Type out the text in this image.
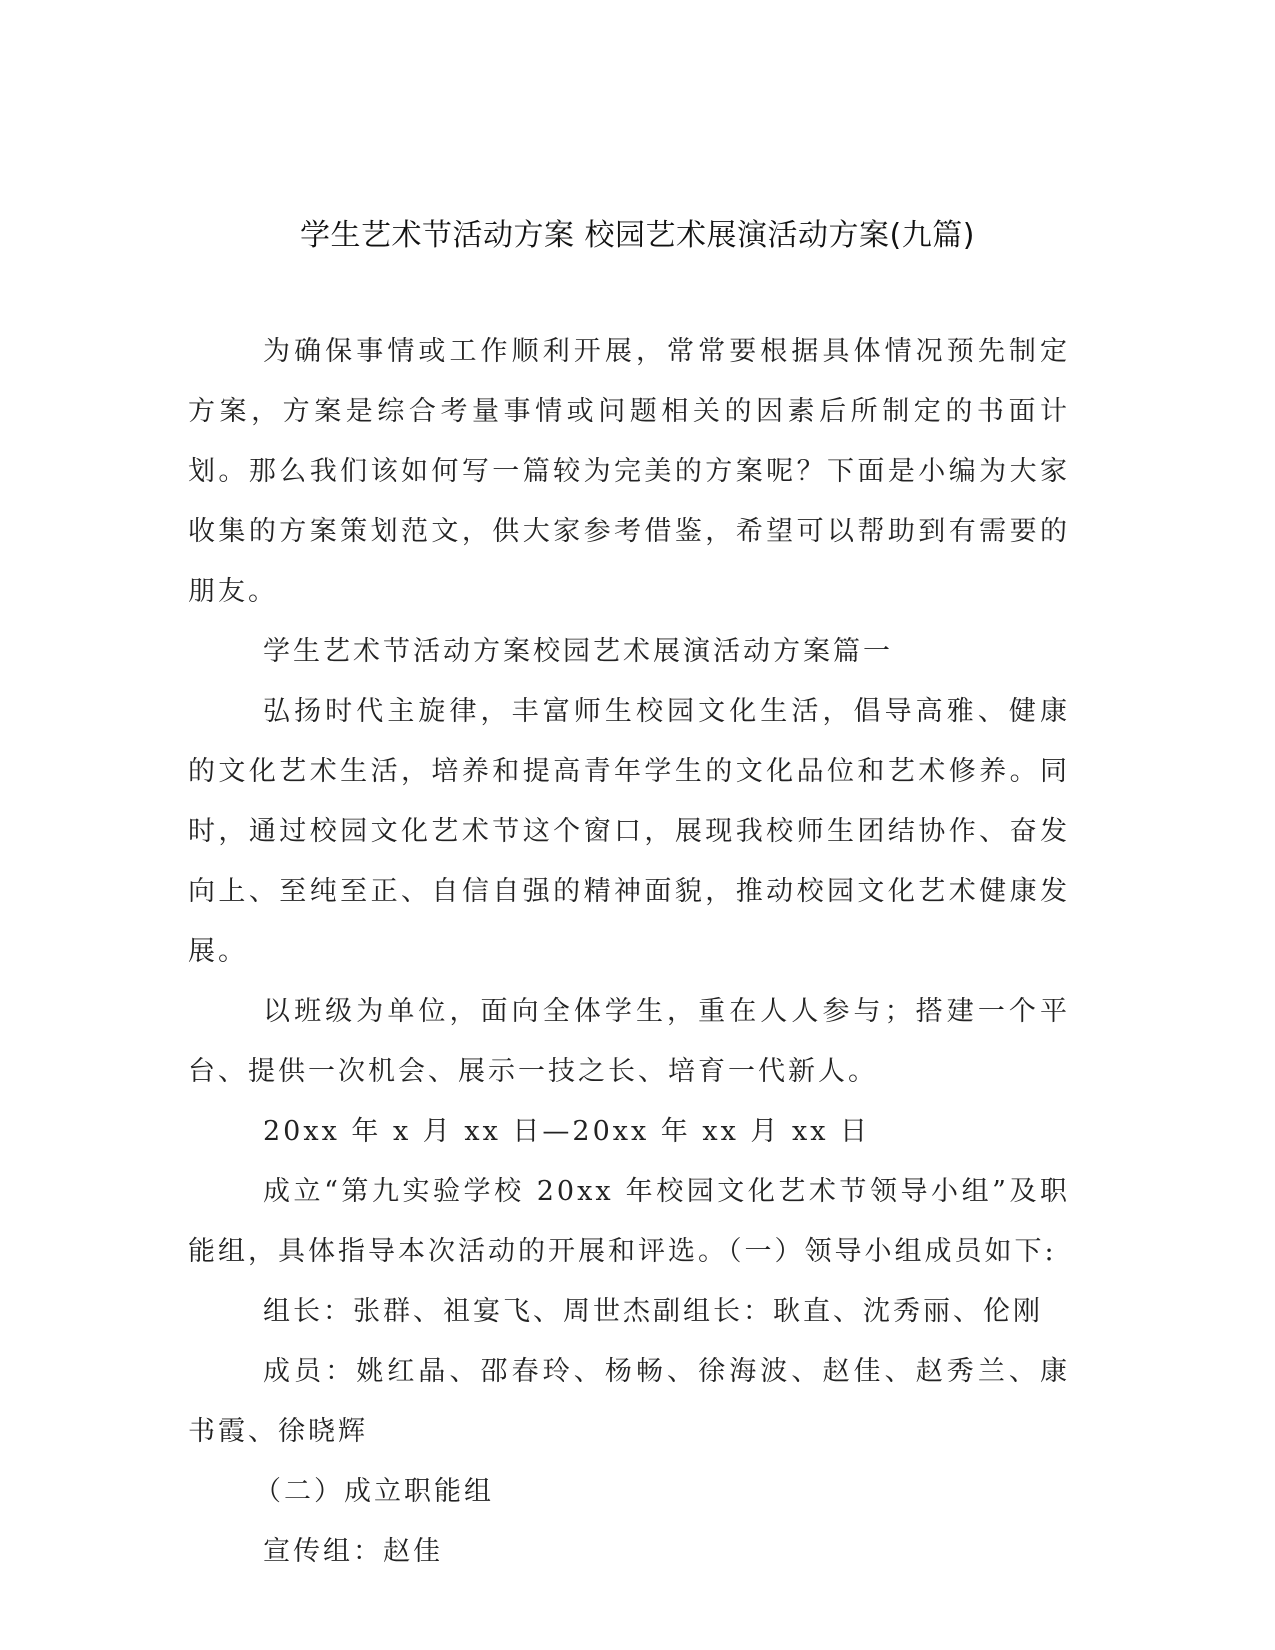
学生艺术节活动方案 校园艺术展演活动方案(九篇)

为确保事情或工作顺利开展，常常要根据具体情况预先制定方案，方案是综合考量事情或问题相关的因素后所制定的书面计划。那么我们该如何写一篇较为完美的方案呢？下面是小编为大家收集的方案策划范文，供大家参考借鉴，希望可以帮助到有需要的朋友。

学生艺术节活动方案校园艺术展演活动方案篇一

弘扬时代主旋律，丰富师生校园文化生活，倡导高雅、健康的文化艺术生活，培养和提高青年学生的文化品位和艺术修养。同时，通过校园文化艺术节这个窗口，展现我校师生团结协作、奋发向上、至纯至正、自信自强的精神面貌，推动校园文化艺术健康发展。

以班级为单位，面向全体学生，重在人人参与；搭建一个平台、提供一次机会、展示一技之长、培育一代新人。

20xx 年 x 月 xx 日—20xx 年 xx 月 xx 日

成立“第九实验学校 20xx 年校园文化艺术节领导小组”及职能组，具体指导本次活动的开展和评选。（一）领导小组成员如下:

组长：张群、祖宴飞、周世杰副组长：耿直、沈秀丽、伦刚

成员：姚红晶、邵春玲、杨畅、徐海波、赵佳、赵秀兰、康书霞、徐晓辉

（二）成立职能组

宣传组：赵佳
